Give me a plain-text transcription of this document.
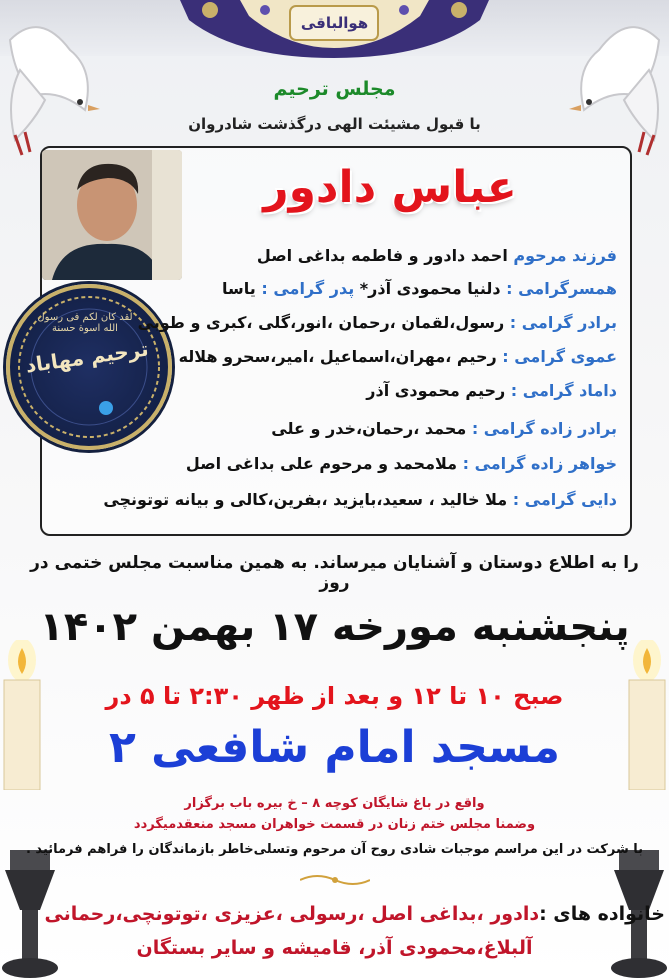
هوالباقی
مجلس ترحیم
با قبول مشیئت الهی درگذشت شادروان
لقد کان لکم فی رسول الله اسوة حسنة
ترحیم مهاباد
عباس دادور
فرزند مرحوم احمد دادور و فاطمه بداغی اصل
همسرگرامی : دلنیا محمودی آذر* پدر گرامی : یاسا
برادر گرامی : رسول،لقمان ،رحمان ،انور،گلی ،کبری و طوبی
عموی گرامی : رحیم ،مهران،اسماعیل ،امیر،سحرو هلاله
داماد گرامی : رحیم محمودی آذر
برادر زاده گرامی : محمد ،رحمان،خدر و علی
خواهر زاده گرامی : ملامحمد و مرحوم علی بداغی اصل
دایی گرامی : ملا خالید ، سعید،بایزید ،بفرین،کالی و بیانه توتونچی
را به اطلاع دوستان و آشنایان میرساند. به همین مناسبت مجلس ختمی در روز
پنجشنبه مورخه ۱۷ بهمن ۱۴۰۲
صبح ۱۰ تا ۱۲ و بعد از ظهر ۲:۳۰ تا ۵ در
مسجد امام شافعی ۲
واقع در باغ شایگان کوچه ۸ – خ بیره باب برگزار
وضمنا مجلس ختم زنان در قسمت خواهران مسجد منعقدمیگردد
با شرکت در این مراسم موجبات شادی روح آن مرحوم وتسلی‌خاطر بازماندگان را فراهم فرمائید .
خانواده های :دادور ،بداغی اصل ،رسولی ،عزیزی ،توتونچی،رحمانی
آلبلاغ،محمودی آذر، قامیشه و سایر بستگان
